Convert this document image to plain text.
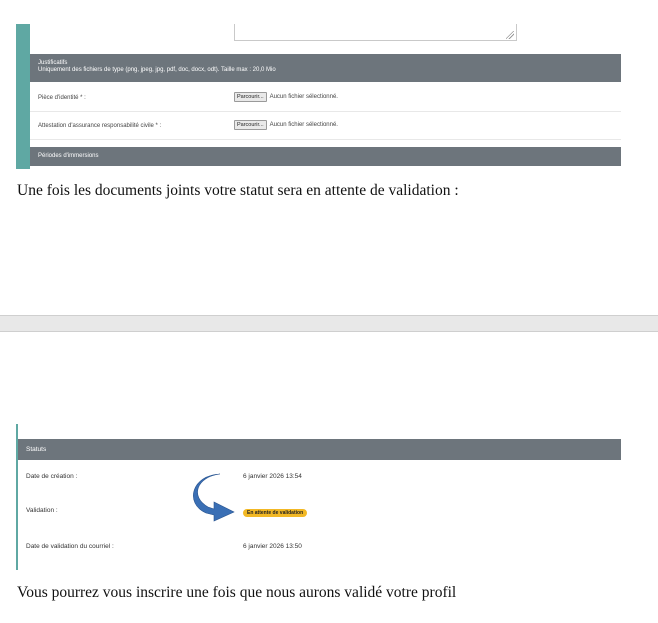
Justificatifs
Uniquement des fichiers de type (png, jpeg, jpg, pdf, doc, docx, odt). Taille max : 20,0 Mio
Pièce d'identité * :	Parcourir...	Aucun fichier sélectionné.
Attestation d'assurance responsabilité civile * :	Parcourir...	Aucun fichier sélectionné.
Périodes d'immersions
Une fois les documents joints votre statut sera en attente de validation :
Statuts
Date de création :	6 janvier 2026 13:54
Validation :	En attente de validation
Date de validation du courriel :	6 janvier 2026 13:50
Vous pourrez vous inscrire une fois que nous aurons validé votre profil
